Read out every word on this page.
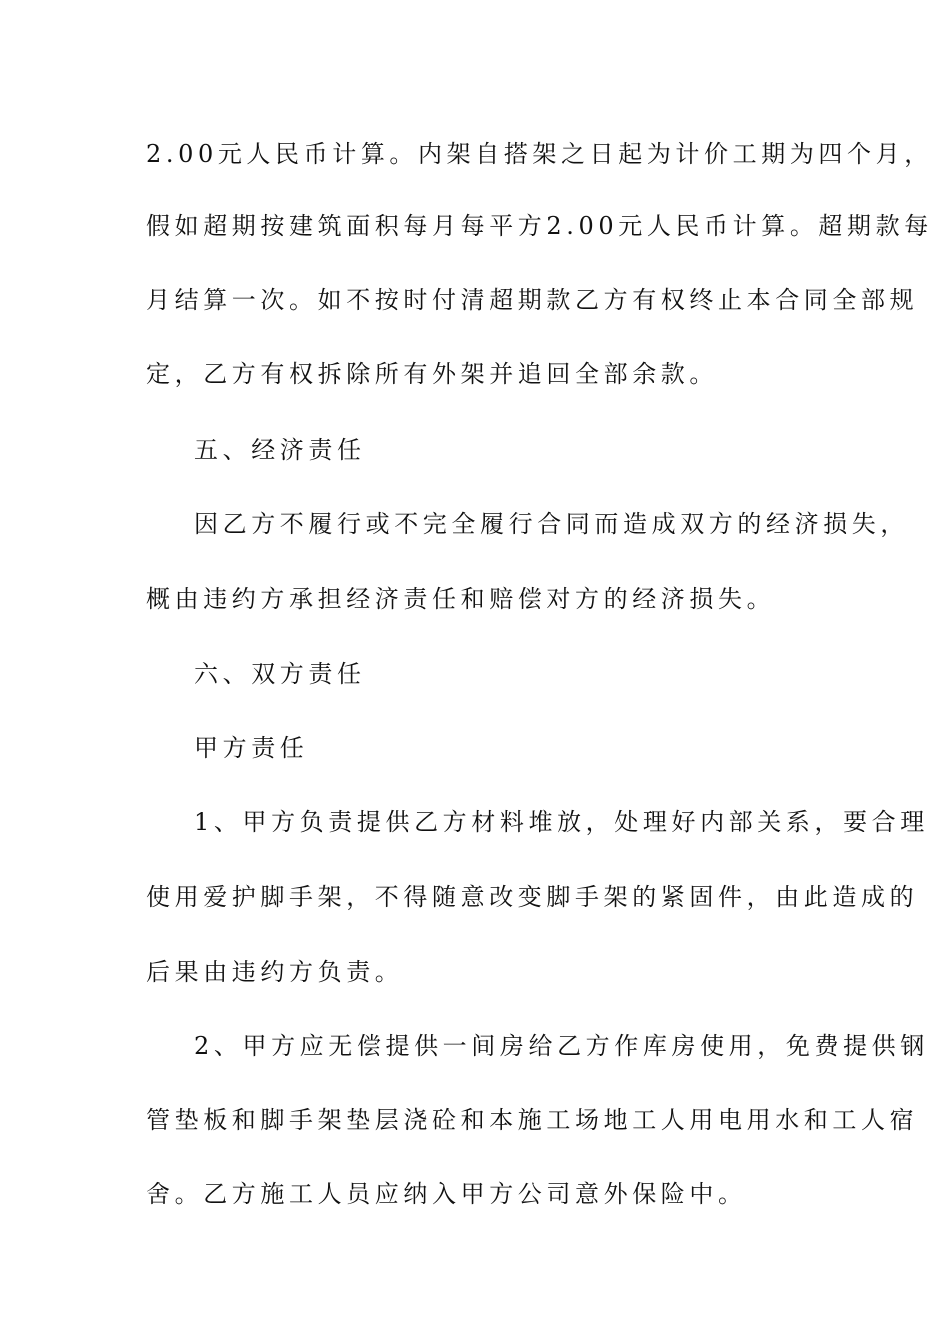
2.00元人民币计算。内架自搭架之日起为计价工期为四个月，
假如超期按建筑面积每月每平方2.00元人民币计算。超期款每
月结算一次。如不按时付清超期款乙方有权终止本合同全部规
定，乙方有权拆除所有外架并追回全部余款。
五、经济责任
因乙方不履行或不完全履行合同而造成双方的经济损失，
概由违约方承担经济责任和赔偿对方的经济损失。
六、双方责任
甲方责任
1、甲方负责提供乙方材料堆放，处理好内部关系，要合理
使用爱护脚手架，不得随意改变脚手架的紧固件，由此造成的
后果由违约方负责。
2、甲方应无偿提供一间房给乙方作库房使用，免费提供钢
管垫板和脚手架垫层浇砼和本施工场地工人用电用水和工人宿
舍。乙方施工人员应纳入甲方公司意外保险中。
